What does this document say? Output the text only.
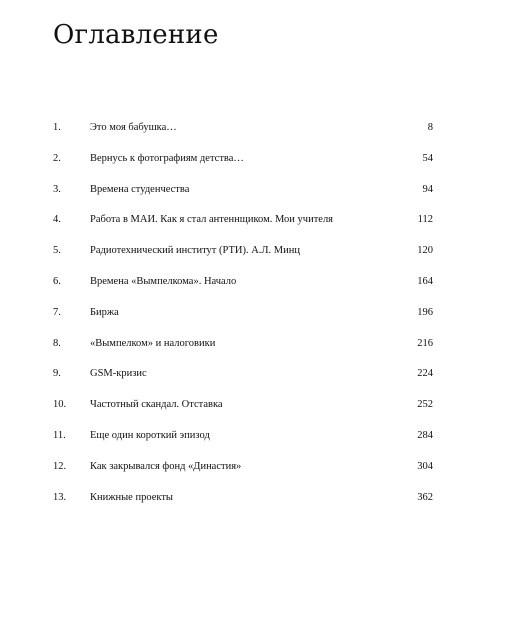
Оглавление
1.	Это моя бабушка…	8
2.	Вернусь к фотографиям детства…	54
3.	Времена студенчества	94
4.	Работа в МАИ. Как я стал антеннщиком. Мои учителя	112
5.	Радиотехнический институт (РТИ). А.Л. Минц	120
6.	Времена «Вымпелкома». Начало	164
7.	Биржа	196
8.	«Вымпелком» и налоговики	216
9.	GSM-кризис	224
10. Частотный скандал. Отставка	252
11. Еще один короткий эпизод	284
12. Как закрывался фонд «Династия»	304
13. Книжные проекты	362
